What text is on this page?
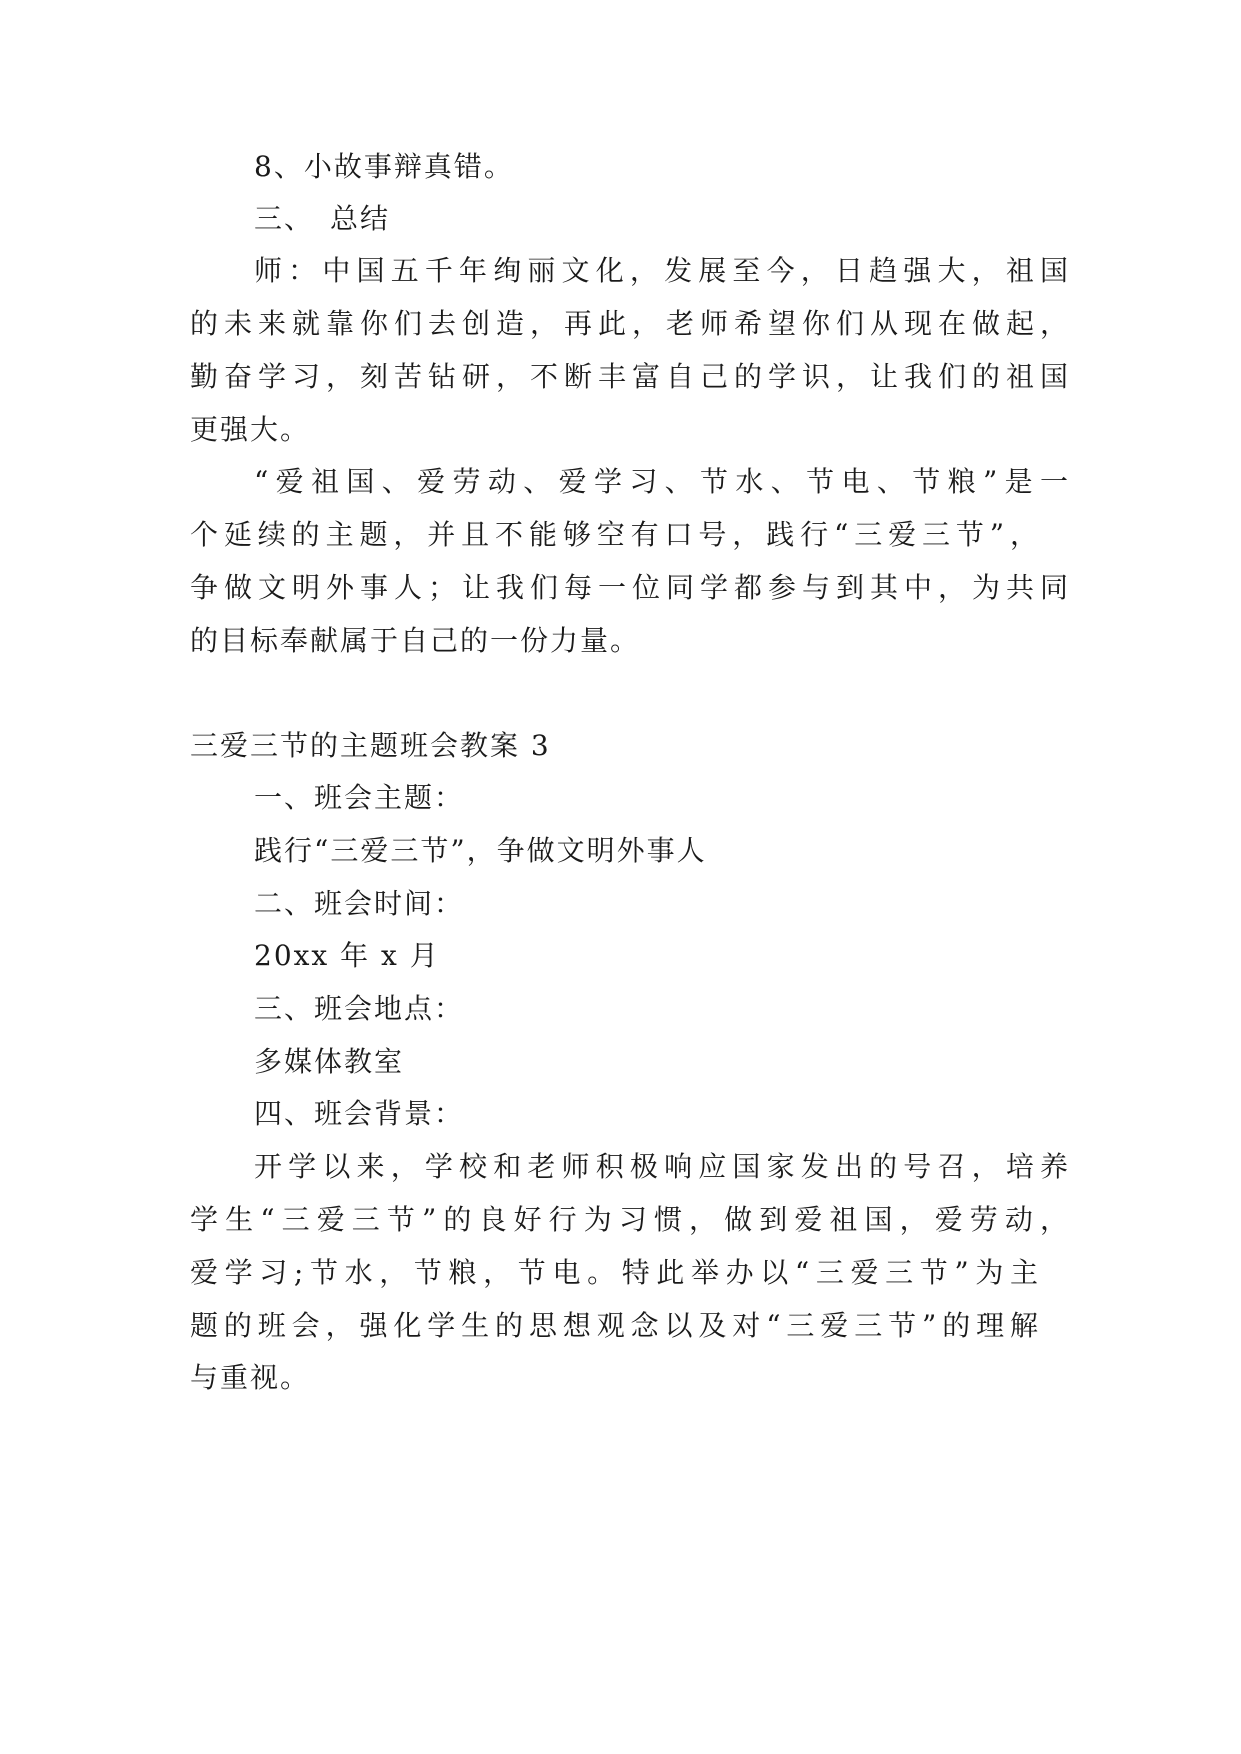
8、小故事辩真错。
三、　总结
师：中国五千年绚丽文化，发展至今，日趋强大，祖国
的未来就靠你们去创造，再此，老师希望你们从现在做起，
勤奋学习，刻苦钻研，不断丰富自己的学识，让我们的祖国
更强大。
“爱祖国、爱劳动、爱学习、节水、节电、节粮”是一
个延续的主题，并且不能够空有口号，践行“三爱三节”，
争做文明外事人；让我们每一位同学都参与到其中，为共同
的目标奉献属于自己的一份力量。
三爱三节的主题班会教案 3
一、班会主题：
践行“三爱三节”，争做文明外事人
二、班会时间：
20xx 年 x 月
三、班会地点：
多媒体教室
四、班会背景：
开学以来，学校和老师积极响应国家发出的号召，培养
学生“三爱三节”的良好行为习惯，做到爱祖国，爱劳动，
爱学习;节水，节粮，节电。特此举办以“三爱三节”为主
题的班会，强化学生的思想观念以及对“三爱三节”的理解
与重视。
